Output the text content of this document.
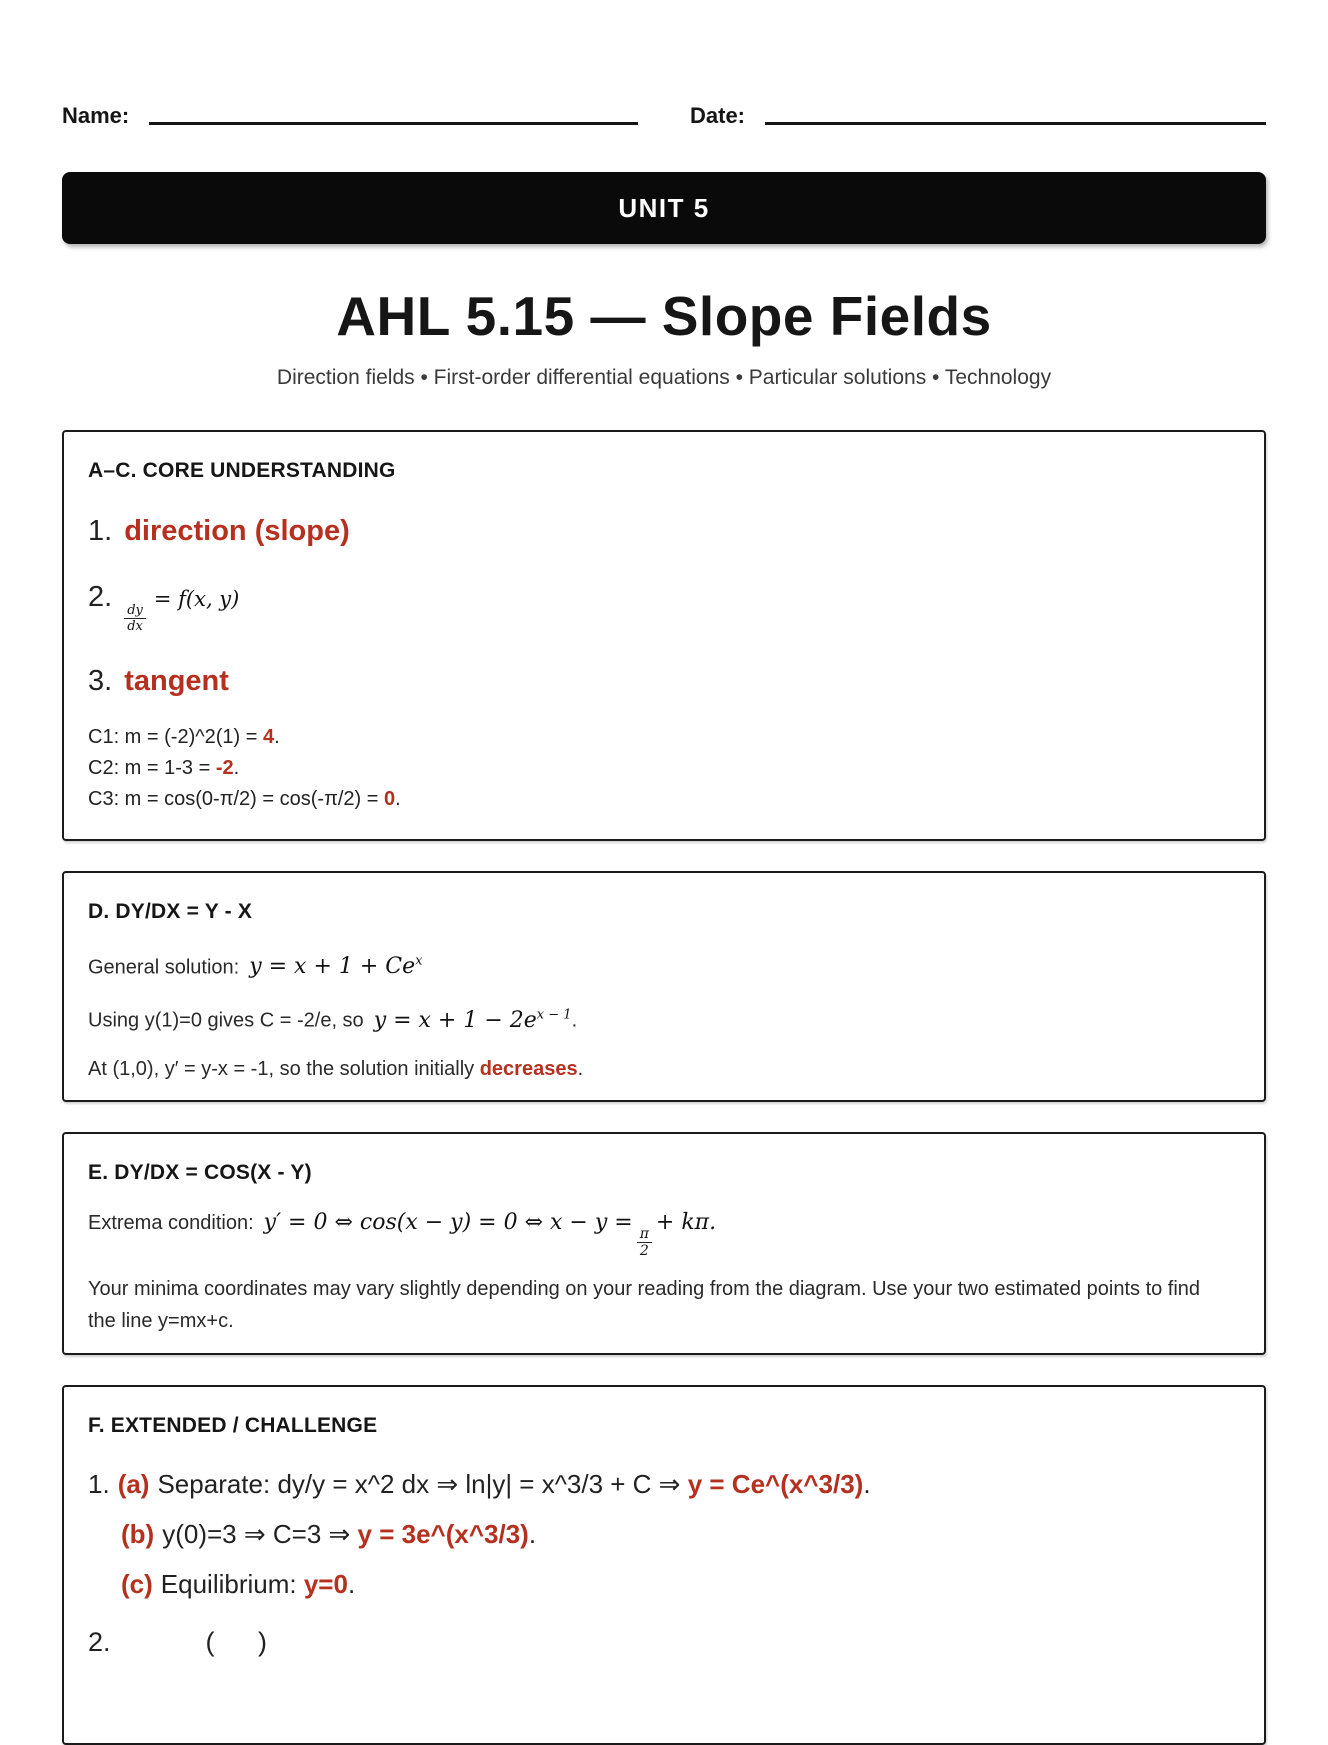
Name:	Date:
UNIT 5
AHL 5.15 — Slope Fields
Direction fields • First-order differential equations • Particular solutions • Technology
A–C. CORE UNDERSTANDING
1. direction (slope)
2.
$\frac{dy}{dx}$
= f(x, y)
3. tangent
C1: m = (-2)^2(1) = 4.
C2: m = 1-3 = -2.
C3: m = cos(0-π/2) = cos(-π/2) = 0.
D. DY/DX = Y - X
General solution: $y = x + 1 + Ce^x$
Using y(1)=0 gives C = -2/e, so $y = x + 1 - 2e^{x - 1}$.
At (1,0), y′ = y-x = -1, so the solution initially decreases.
E. DY/DX = COS(X - Y)
Extrema condition: y′ = 0 ⇔ cos(x − y) = 0 ⇔ x − y =
$\frac{\pi}{2}$
+ kπ.
Your minima coordinates may vary slightly depending on your reading from the diagram. Use your two estimated points to find the line y=mx+c.
F. EXTENDED / CHALLENGE
1. (a) Separate: dy/y = x^2 dx ⇒ ln|y| = x^3/3 + C ⇒ y = Ce^(x^3/3).
(b) y(0)=3 ⇒ C=3 ⇒ y = 3e^(x^3/3).
(c) Equilibrium: y=0.
2.	( )
